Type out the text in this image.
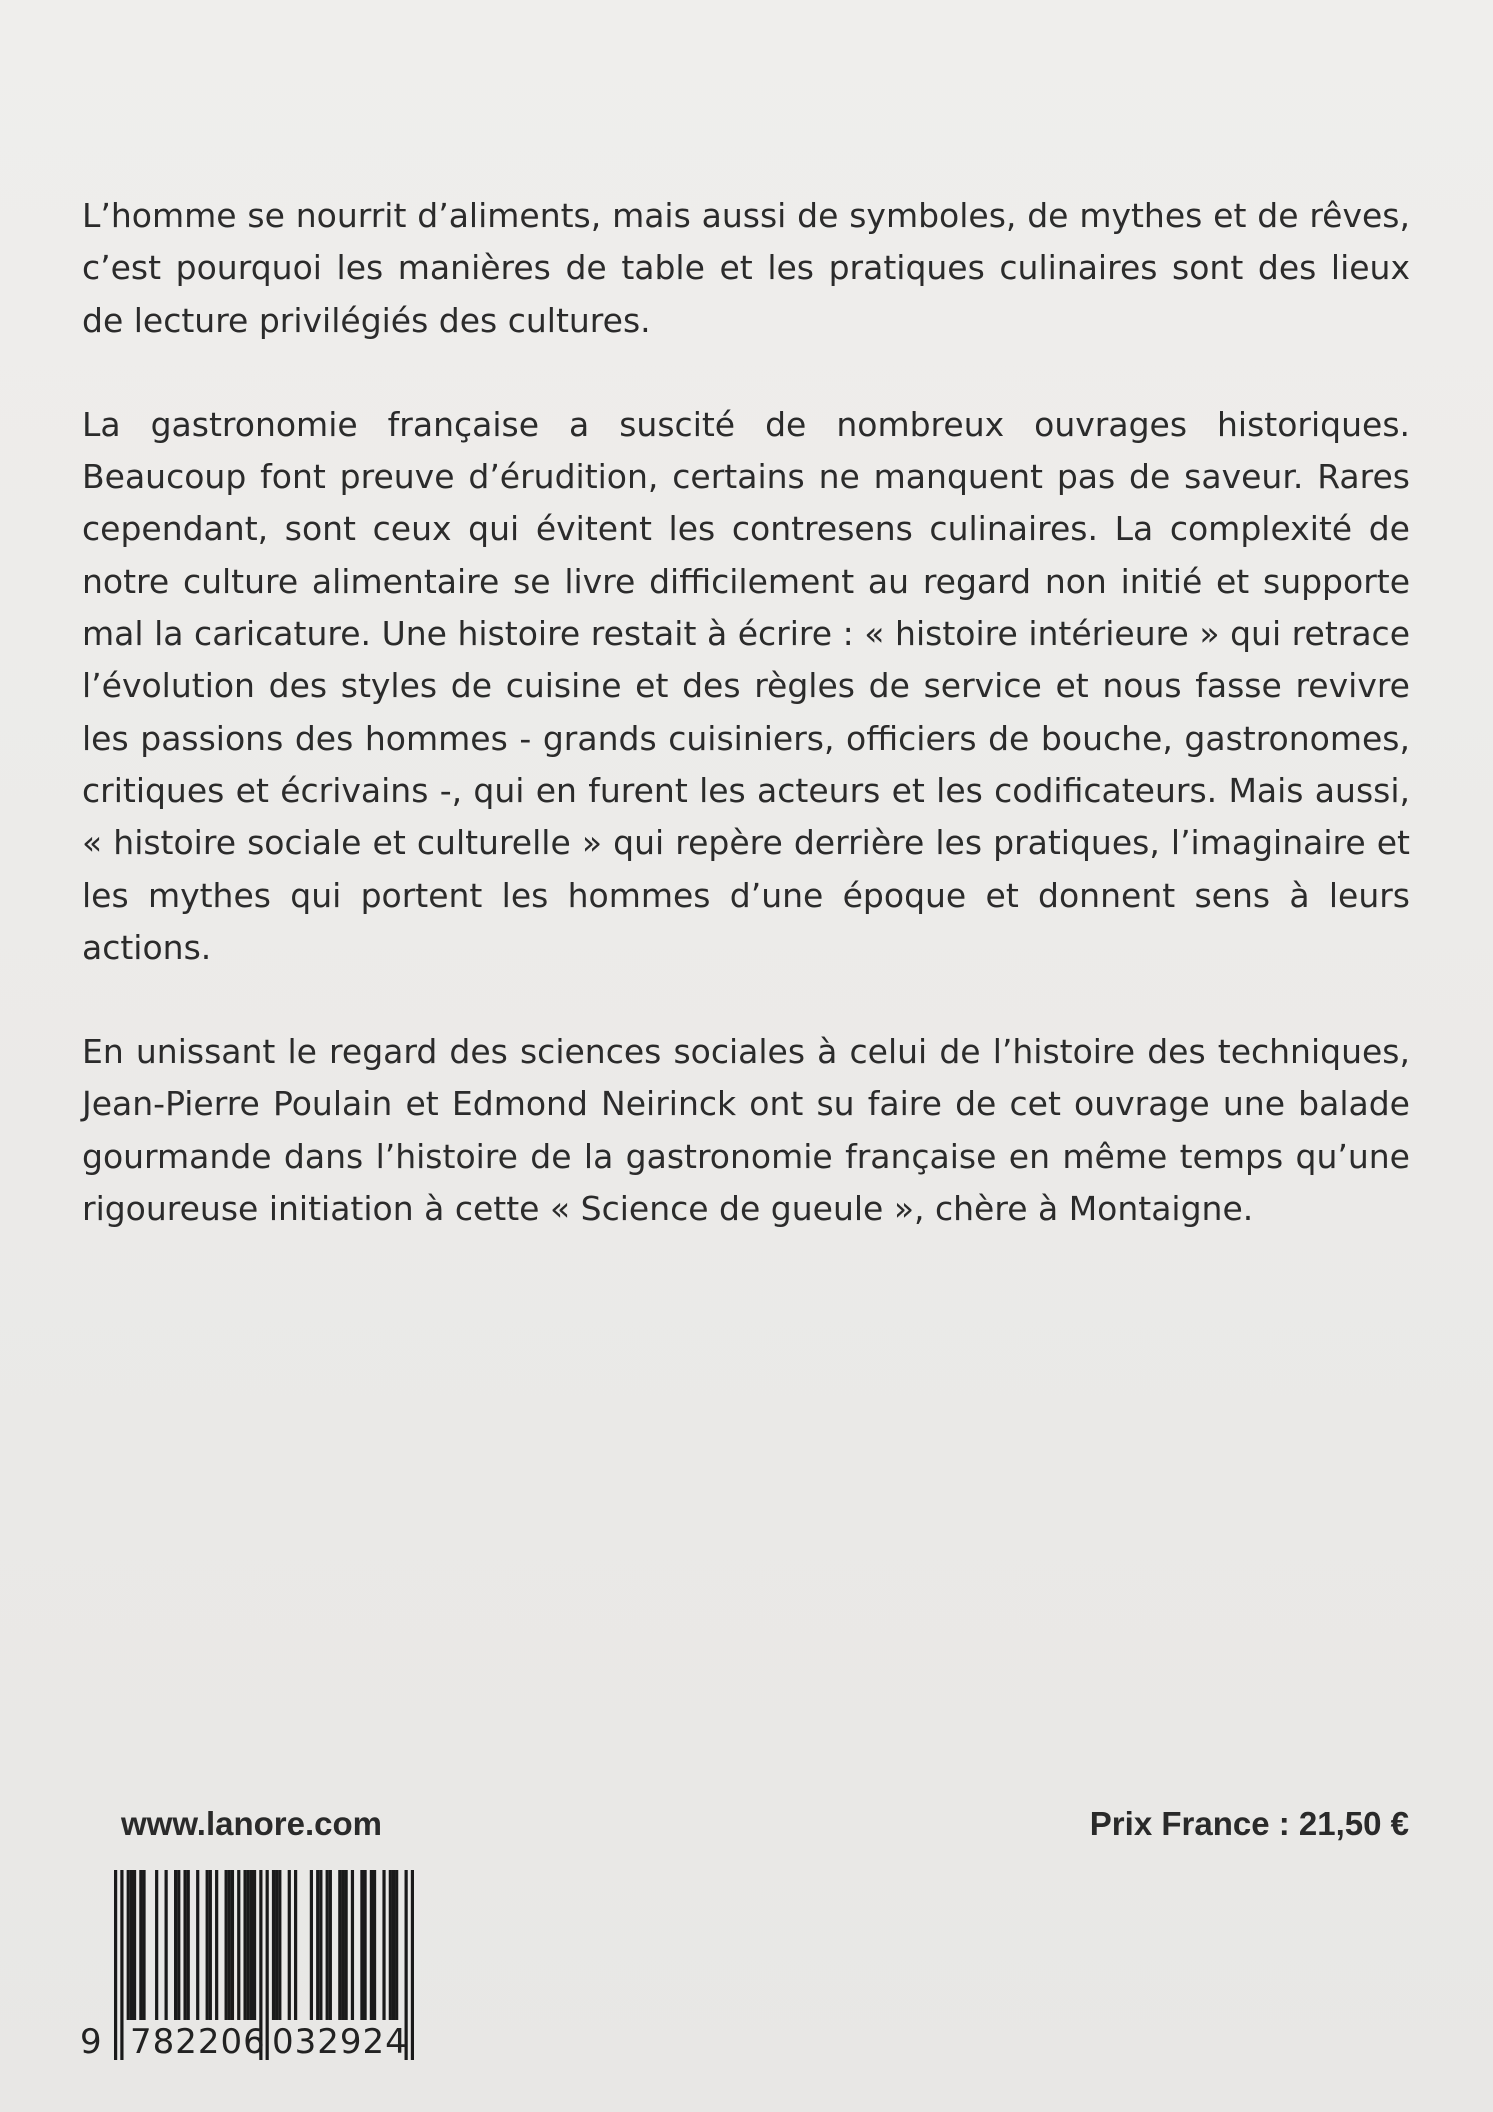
L’homme se nourrit d’aliments, mais aussi de symboles, de mythes et de rêves, c’est pourquoi les manières de table et les pratiques culinaires sont des lieux de lecture privilégiés des cultures.

La gastronomie française a suscité de nombreux ouvrages historiques. Beaucoup font preuve d’érudition, certains ne manquent pas de saveur. Rares cependant, sont ceux qui évitent les contresens culinaires. La complexité de notre culture alimentaire se livre difficilement au regard non initié et supporte mal la caricature. Une histoire restait à écrire : « histoire intérieure » qui retrace l’évolution des styles de cuisine et des règles de service et nous fasse revivre les passions des hommes - grands cuisiniers, officiers de bouche, gastronomes, critiques et écrivains -, qui en furent les acteurs et les codificateurs. Mais aussi, « histoire sociale et culturelle » qui repère derrière les pratiques, l’imaginaire et les mythes qui portent les hommes d’une époque et donnent sens à leurs actions.

En unissant le regard des sciences sociales à celui de l’histoire des techniques, Jean-Pierre Poulain et Edmond Neirinck ont su faire de cet ouvrage une balade gourmande dans l’histoire de la gastronomie française en même temps qu’une rigoureuse initiation à cette « Science de gueule », chère à Montaigne.

www.lanore.com	Prix France : 21,50 €
9 782206 032924
